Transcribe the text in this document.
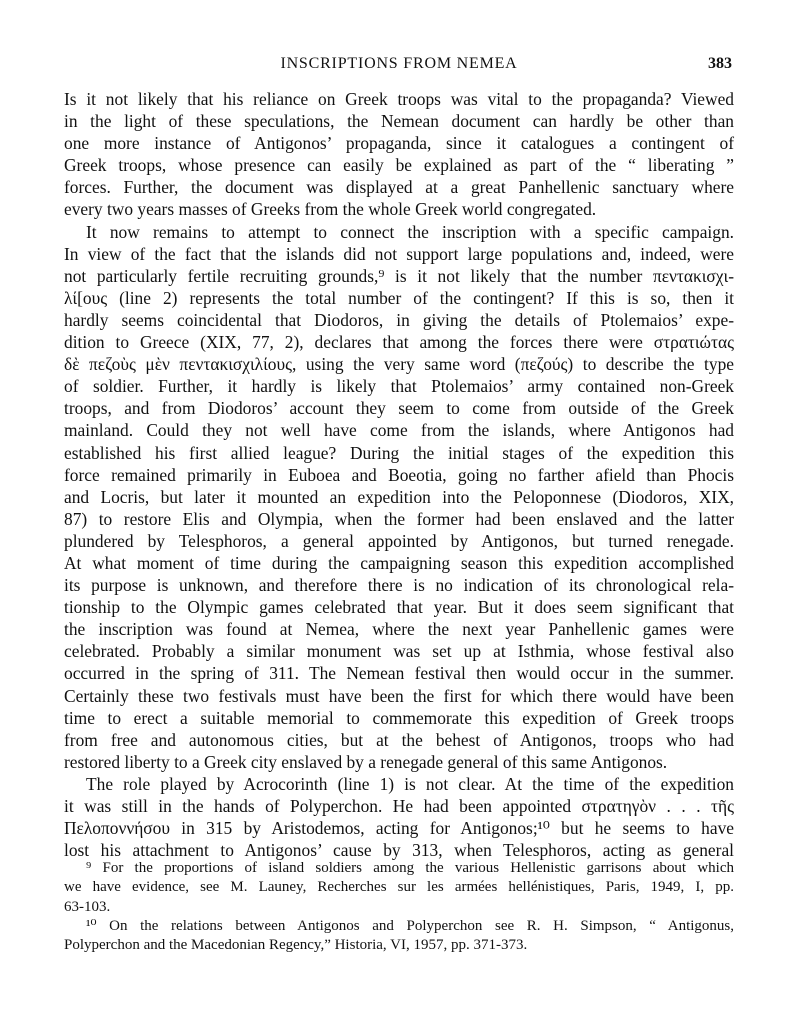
INSCRIPTIONS FROM NEMEA	383
Is it not likely that his reliance on Greek troops was vital to the propaganda? Viewed
in the light of these speculations, the Nemean document can hardly be other than
one more instance of Antigonos’ propaganda, since it catalogues a contingent of
Greek troops, whose presence can easily be explained as part of the “ liberating ”
forces. Further, the document was displayed at a great Panhellenic sanctuary where
every two years masses of Greeks from the whole Greek world congregated.
It now remains to attempt to connect the inscription with a specific campaign.
In view of the fact that the islands did not support large populations and, indeed, were
not particularly fertile recruiting grounds,⁹ is it not likely that the number πεντακισχι-
λί[ους (line 2) represents the total number of the contingent? If this is so, then it
hardly seems coincidental that Diodoros, in giving the details of Ptolemaios’ expe-
dition to Greece (XIX, 77, 2), declares that among the forces there were στρατιώτας
δὲ πεζοὺς μὲν πεντακισχιλίους, using the very same word (πεζούς) to describe the type
of soldier. Further, it hardly is likely that Ptolemaios’ army contained non-Greek
troops, and from Diodoros’ account they seem to come from outside of the Greek
mainland. Could they not well have come from the islands, where Antigonos had
established his first allied league? During the initial stages of the expedition this
force remained primarily in Euboea and Boeotia, going no farther afield than Phocis
and Locris, but later it mounted an expedition into the Peloponnese (Diodoros, XIX,
87) to restore Elis and Olympia, when the former had been enslaved and the latter
plundered by Telesphoros, a general appointed by Antigonos, but turned renegade.
At what moment of time during the campaigning season this expedition accomplished
its purpose is unknown, and therefore there is no indication of its chronological rela-
tionship to the Olympic games celebrated that year. But it does seem significant that
the inscription was found at Nemea, where the next year Panhellenic games were
celebrated. Probably a similar monument was set up at Isthmia, whose festival also
occurred in the spring of 311. The Nemean festival then would occur in the summer.
Certainly these two festivals must have been the first for which there would have been
time to erect a suitable memorial to commemorate this expedition of Greek troops
from free and autonomous cities, but at the behest of Antigonos, troops who had
restored liberty to a Greek city enslaved by a renegade general of this same Antigonos.
The role played by Acrocorinth (line 1) is not clear. At the time of the expedition
it was still in the hands of Polyperchon. He had been appointed στρατηγὸν . . . τῆς
Πελοποννήσου in 315 by Aristodemos, acting for Antigonos;¹⁰ but he seems to have
lost his attachment to Antigonos’ cause by 313, when Telesphoros, acting as general
⁹ For the proportions of island soldiers among the various Hellenistic garrisons about which
we have evidence, see M. Launey, Recherches sur les armées hellénistiques, Paris, 1949, I, pp.
63-103.
¹⁰ On the relations between Antigonos and Polyperchon see R. H. Simpson, “ Antigonus,
Polyperchon and the Macedonian Regency,” Historia, VI, 1957, pp. 371-373.
